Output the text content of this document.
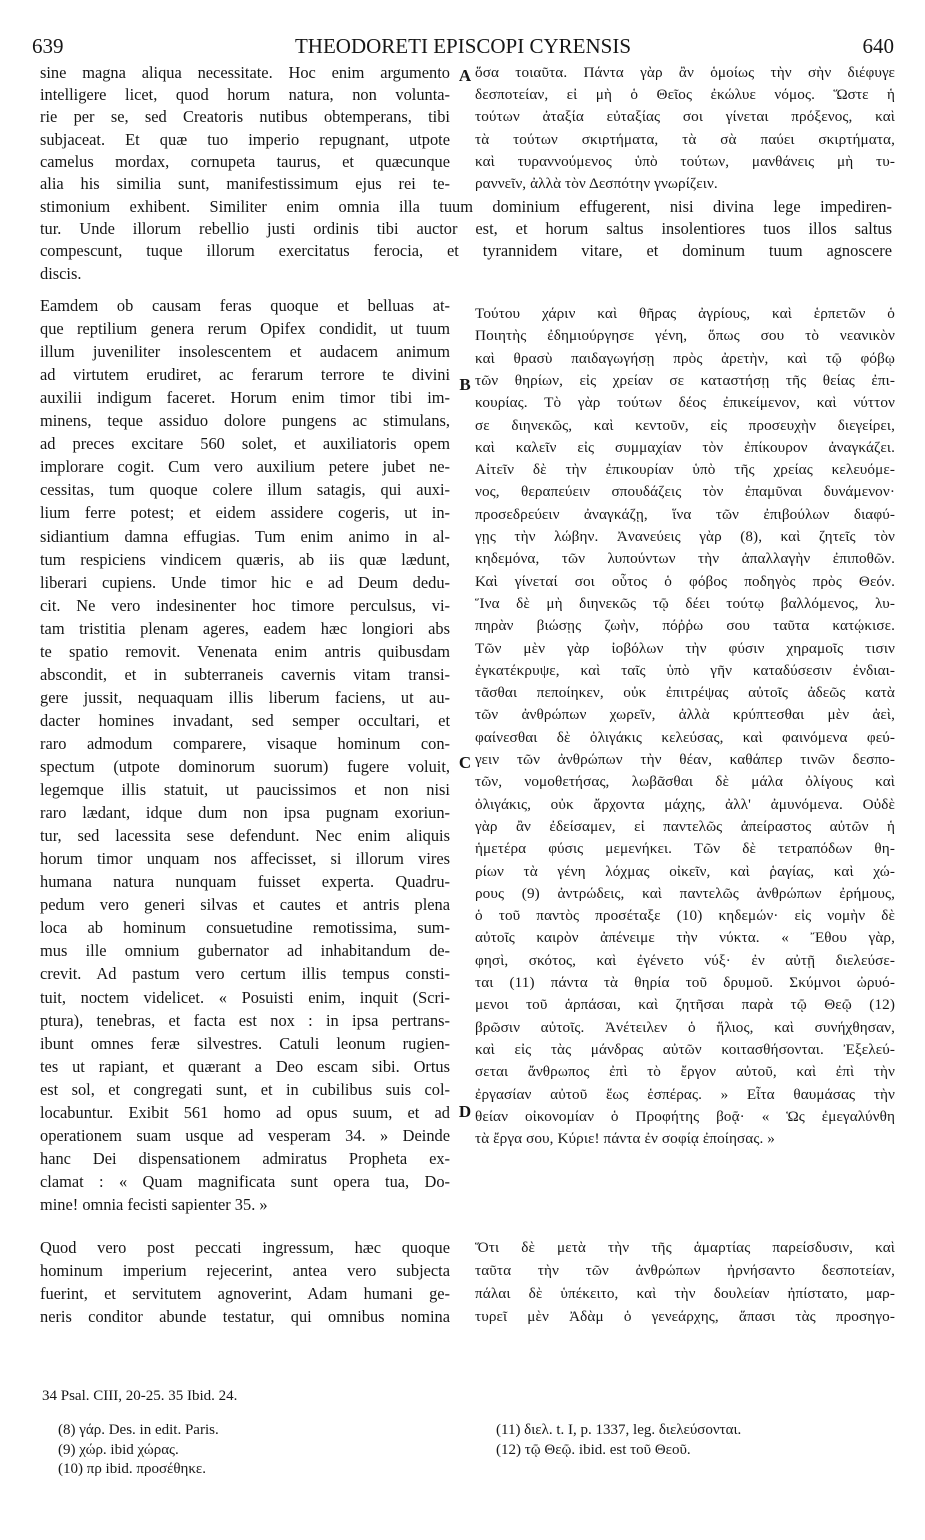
639	THEODORETI EPISCOPI CYRENSIS	640
sine magna aliqua necessitate. Hoc enim argumento
intelligere licet, quod horum natura, non volunta-
rie per se, sed Creatoris nutibus obtemperans, tibi
subjaceat. Et quæ tuo imperio repugnant, utpote
camelus mordax, cornupeta taurus, et quæcunque
alia his similia sunt, manifestissimum ejus rei te-
ὅσα τοιαῦτα. Πάντα γὰρ ἂν ὁμοίως τὴν σὴν διέφυγε
δεσποτείαν, εἰ μὴ ὁ Θεῖος ἐκώλυε νόμος. Ὥστε ἡ
τούτων ἀταξία εὐταξίας σοι γίνεται πρόξενος, καὶ
τὰ τούτων σκιρτήματα, τὰ σὰ παύει σκιρτήματα,
καὶ τυραννούμενος ὑπὸ τούτων, μανθάνεις μὴ τυ-
ραννεῖν, ἀλλὰ τὸν Δεσπότην γνωρίζειν.
stimonium exhibent. Similiter enim omnia illa tuum dominium effugerent, nisi divina lege impediren-
tur. Unde illorum rebellio justi ordinis tibi auctor est, et horum saltus insolentiores tuos illos saltus
compescunt, tuque illorum exercitatus ferocia, et tyrannidem vitare, et dominum tuum agnoscere
discis.
Eamdem ob causam feras quoque et belluas at-
que reptilium genera rerum Opifex condidit, ut tuum
illum juveniliter insolescentem et audacem animum
ad virtutem erudiret, ac ferarum terrore te divini
auxilii indigum faceret. Horum enim timor tibi im-
minens, teque assiduo dolore pungens ac stimulans,
ad preces excitare 560 solet, et auxiliatoris opem
implorare cogit. Cum vero auxilium petere jubet ne-
cessitas, tum quoque colere illum satagis, qui auxi-
lium ferre potest; et eidem assidere cogeris, ut in-
sidiantium damna effugias. Tum enim animo in al-
tum respiciens vindicem quæris, ab iis quæ lædunt,
liberari cupiens. Unde timor hic e ad Deum dedu-
cit. Ne vero indesinenter hoc timore perculsus, vi-
tam tristitia plenam ageres, eadem hæc longiori abs
te spatio removit. Venenata enim antris quibusdam
abscondit, et in subterraneis cavernis vitam transi-
gere jussit, nequaquam illis liberum faciens, ut au-
dacter homines invadant, sed semper occultari, et
raro admodum comparere, visaque hominum con-
spectum (utpote dominorum suorum) fugere voluit,
legemque illis statuit, ut paucissimos et non nisi
raro lædant, idque dum non ipsa pugnam exoriun-
tur, sed lacessita sese defendunt. Nec enim aliquis
horum timor unquam nos affecisset, si illorum vires
humana natura nunquam fuisset experta. Quadru-
pedum vero generi silvas et cautes et antris plena
loca ab hominum consuetudine remotissima, sum-
mus ille omnium gubernator ad inhabitandum de-
crevit. Ad pastum vero certum illis tempus consti-
tuit, noctem videlicet. « Posuisti enim, inquit (Scri-
ptura), tenebras, et facta est nox : in ipsa pertrans-
ibunt omnes feræ silvestres. Catuli leonum rugien-
tes ut rapiant, et quærant a Deo escam sibi. Ortus
est sol, et congregati sunt, et in cubilibus suis col-
locabuntur. Exibit 561 homo ad opus suum, et ad
operationem suam usque ad vesperam 34. » Deinde
hanc Dei dispensationem admiratus Propheta ex-
clamat : « Quam magnificata sunt opera tua, Do-
mine! omnia fecisti sapienter 35. »
Τούτου χάριν καὶ θῆρας ἀγρίους, καὶ ἑρπετῶν ὁ
Ποιητὴς ἐδημιούργησε γένη, ὅπως σου τὸ νεανικὸν
καὶ θρασὺ παιδαγωγήσῃ πρὸς ἀρετὴν, καὶ τῷ φόβῳ
τῶν θηρίων, εἰς χρείαν σε καταστήσῃ τῆς θείας ἐπι-
κουρίας. Τὸ γὰρ τούτων δέος ἐπικείμενον, καὶ νύττον
σε διηνεκῶς, καὶ κεντοῦν, εἰς προσευχὴν διεγείρει,
καὶ καλεῖν εἰς συμμαχίαν τὸν ἐπίκουρον ἀναγκάζει.
Αἰτεῖν δὲ τὴν ἐπικουρίαν ὑπὸ τῆς χρείας κελευόμε-
νος, θεραπεύειν σπουδάζεις τὸν ἐπαμῦναι δυνάμενον·
προσεδρεύειν ἀναγκάζῃ, ἵνα τῶν ἐπιβούλων διαφύ-
γῃς τὴν λώβην. Ἀνανεύεις γὰρ (8), καὶ ζητεῖς τὸν
κηδεμόνα, τῶν λυπούντων τὴν ἀπαλλαγὴν ἐπιποθῶν.
Καὶ γίνεταί σοι οὗτος ὁ φόβος ποδηγὸς πρὸς Θεόν.
Ἵνα δὲ μὴ διηνεκῶς τῷ δέει τούτῳ βαλλόμενος, λυ-
πηρὰν βιώσῃς ζωὴν, πόῤῥω σου ταῦτα κατῴκισε.
Τῶν μὲν γὰρ ἰοβόλων τὴν φύσιν χηραμοῖς τισιν
ἐγκατέκρυψε, καὶ ταῖς ὑπὸ γῆν καταδύσεσιν ἐνδιαι-
τᾶσθαι πεποίηκεν, οὐκ ἐπιτρέψας αὐτοῖς ἀδεῶς κατὰ
τῶν ἀνθρώπων χωρεῖν, ἀλλὰ κρύπτεσθαι μὲν ἀεὶ,
φαίνεσθαι δὲ ὀλιγάκις κελεύσας, καὶ φαινόμενα φεύ-
γειν τῶν ἀνθρώπων τὴν θέαν, καθάπερ τινῶν δεσπο-
τῶν, νομοθετήσας, λωβᾶσθαι δὲ μάλα ὀλίγους καὶ
ὀλιγάκις, οὐκ ἄρχοντα μάχης, ἀλλ' ἀμυνόμενα. Οὐδὲ
γὰρ ἂν ἐδείσαμεν, εἰ παντελῶς ἀπείραστος αὐτῶν ἡ
ἡμετέρα φύσις μεμενήκει. Τῶν δὲ τετραπόδων θη-
ρίων τὰ γένη λόχμας οἰκεῖν, καὶ ῥαγίας, καὶ χώ-
ρους (9) ἀντρώδεις, καὶ παντελῶς ἀνθρώπων ἐρήμους,
ὁ τοῦ παντὸς προσέταξε (10) κηδεμών· εἰς νομὴν δὲ
αὐτοῖς καιρὸν ἀπένειμε τὴν νύκτα. « Ἔθου γὰρ,
φησὶ, σκότος, καὶ ἐγένετο νύξ· ἐν αὐτῇ διελεύσε-
ται (11) πάντα τὰ θηρία τοῦ δρυμοῦ. Σκύμνοι ὠρυό-
μενοι τοῦ ἁρπάσαι, καὶ ζητῆσαι παρὰ τῷ Θεῷ (12)
βρῶσιν αὐτοῖς. Ἀνέτειλεν ὁ ἥλιος, καὶ συνήχθησαν,
καὶ εἰς τὰς μάνδρας αὐτῶν κοιτασθήσονται. Ἐξελεύ-
σεται ἄνθρωπος ἐπὶ τὸ ἔργον αὐτοῦ, καὶ ἐπὶ τὴν
ἐργασίαν αὐτοῦ ἕως ἑσπέρας. » Εἶτα θαυμάσας τὴν
θείαν οἰκονομίαν ὁ Προφήτης βοᾷ· « Ὡς ἐμεγαλύνθη
τὰ ἔργα σου, Κύριε! πάντα ἐν σοφίᾳ ἐποίησας. »
Quod vero post peccati ingressum, hæc quoque
hominum imperium rejecerint, antea vero subjecta
fuerint, et servitutem agnoverint, Adam humani ge-
neris conditor abunde testatur, qui omnibus nomina
Ὅτι δὲ μετὰ τὴν τῆς ἁμαρτίας παρείσδυσιν, καὶ
ταῦτα τὴν τῶν ἀνθρώπων ἠρνήσαντο δεσποτείαν,
πάλαι δὲ ὑπέκειτο, καὶ τὴν δουλείαν ἠπίστατο, μαρ-
τυρεῖ μὲν Ἀδὰμ ὁ γενεάρχης, ἅπασι τὰς προσηγο-
A
B
C
D
34 Psal. CIII, 20-25. 35 Ibid. 24.
(8) γάρ. Des. in edit. Paris.
(9) χώρ. ibid χώρας.
(10) πρ ibid. προσέθηκε.
(11) διελ. t. I, p. 1337, leg. διελεύσονται.
(12) τῷ Θεῷ. ibid. est τοῦ Θεοῦ.
